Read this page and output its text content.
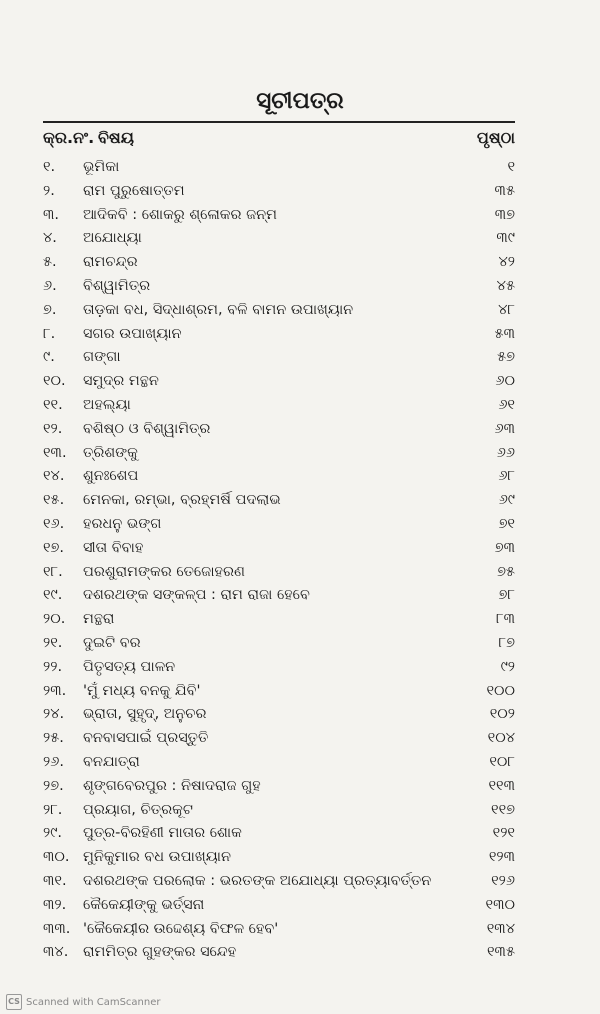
ସୂଚୀପତ୍ର
କ୍ର.ନଂ. ବିଷୟ	ପୃଷ୍ଠା
୧.	ଭୂମିକା	୧
୨.	ରାମ ପୁରୁଷୋତ୍ତମ	୩୫
୩.	ଆଦିକବି : ଶୋକରୁ ଶ୍ଳୋକର ଜନ୍ମ	୩୭
୪.	ଅଯୋଧ୍ୟା	୩୯
୫.	ରାମଚନ୍ଦ୍ର	୪୨
୬.	ବିଶ୍ୱାମିତ୍ର	୪୫
୭.	ତାଡ଼କା ବଧ, ସିଦ୍ଧାଶ୍ରମ, ବଳି ବାମନ ଉପାଖ୍ୟାନ	୪୮
୮.	ସଗର ଉପାଖ୍ୟାନ	୫୩
୯.	ଗଙ୍ଗା	୫୭
୧୦.	ସମୁଦ୍ର ମନ୍ଥନ	୬୦
୧୧.	ଅହଲ୍ୟା	୬୧
୧୨.	ବଶିଷ୍ଠ ଓ ବିଶ୍ୱାମିତ୍ର	୬୩
୧୩.	ତ୍ରିଶଙ୍କୁ	୬୬
୧୪.	ଶୁନଃଶେପ	୬୮
୧୫.	ମେନକା, ରମ୍ଭା, ବ୍ରହ୍ମର୍ଷି ପଦଲାଭ	୬୯
୧୬.	ହରଧନୁ ଭଙ୍ଗ	୭୧
୧୭.	ସୀତା ବିବାହ	୭୩
୧୮.	ପରଶୁରାମଙ୍କର ତେଜୋହରଣ	୭୫
୧୯.	ଦଶରଥଙ୍କ ସଙ୍କଳ୍ପ : ରାମ ରାଜା ହେବେ	୭୮
୨୦.	ମନ୍ଥରା	୮୩
୨୧.	ଦୁଇଟି ବର	୮୭
୨୨.	ପିତୃସତ୍ୟ ପାଳନ	୯୨
୨୩.	'ମୁଁ ମଧ୍ୟ ବନକୁ ଯିବି'	୧୦୦
୨୪.	ଭ୍ରାତା, ସୁହୃଦ୍, ଅନୁଚର	୧୦୨
୨୫.	ବନବାସପାଇଁ ପ୍ରସ୍ତୁତି	୧୦୪
୨୬.	ବନଯାତ୍ରା	୧୦୮
୨୭.	ଶୃଙ୍ଗବେରପୁର : ନିଷାଦରାଜ ଗୁହ	୧୧୩
୨୮.	ପ୍ରୟାଗ, ଚିତ୍ରକୂଟ	୧୧୭
୨୯.	ପୁତ୍ର-ବିରହିଣୀ ମାତାର ଶୋକ	୧୨୧
୩୦. ମୁନିକୁମାର ବଧ ଉପାଖ୍ୟାନ	୧୨୩
୩୧.	ଦଶରଥଙ୍କ ପରଲୋକ : ଭରତଙ୍କ ଅଯୋଧ୍ୟା ପ୍ରତ୍ୟାବର୍ତ୍ତନ	୧୨୬
୩୨.	କୈକେୟୀଙ୍କୁ ଭର୍ତ୍ସନା	୧୩୦
୩୩. 'କୈକେୟୀର ଉଦ୍ଦେଶ୍ୟ ବିଫଳ ହେବ'	୧୩୪
୩୪.	ରାମମିତ୍ର ଗୁହଙ୍କର ସନ୍ଦେହ	୧୩୫
CS Scanned with CamScanner
